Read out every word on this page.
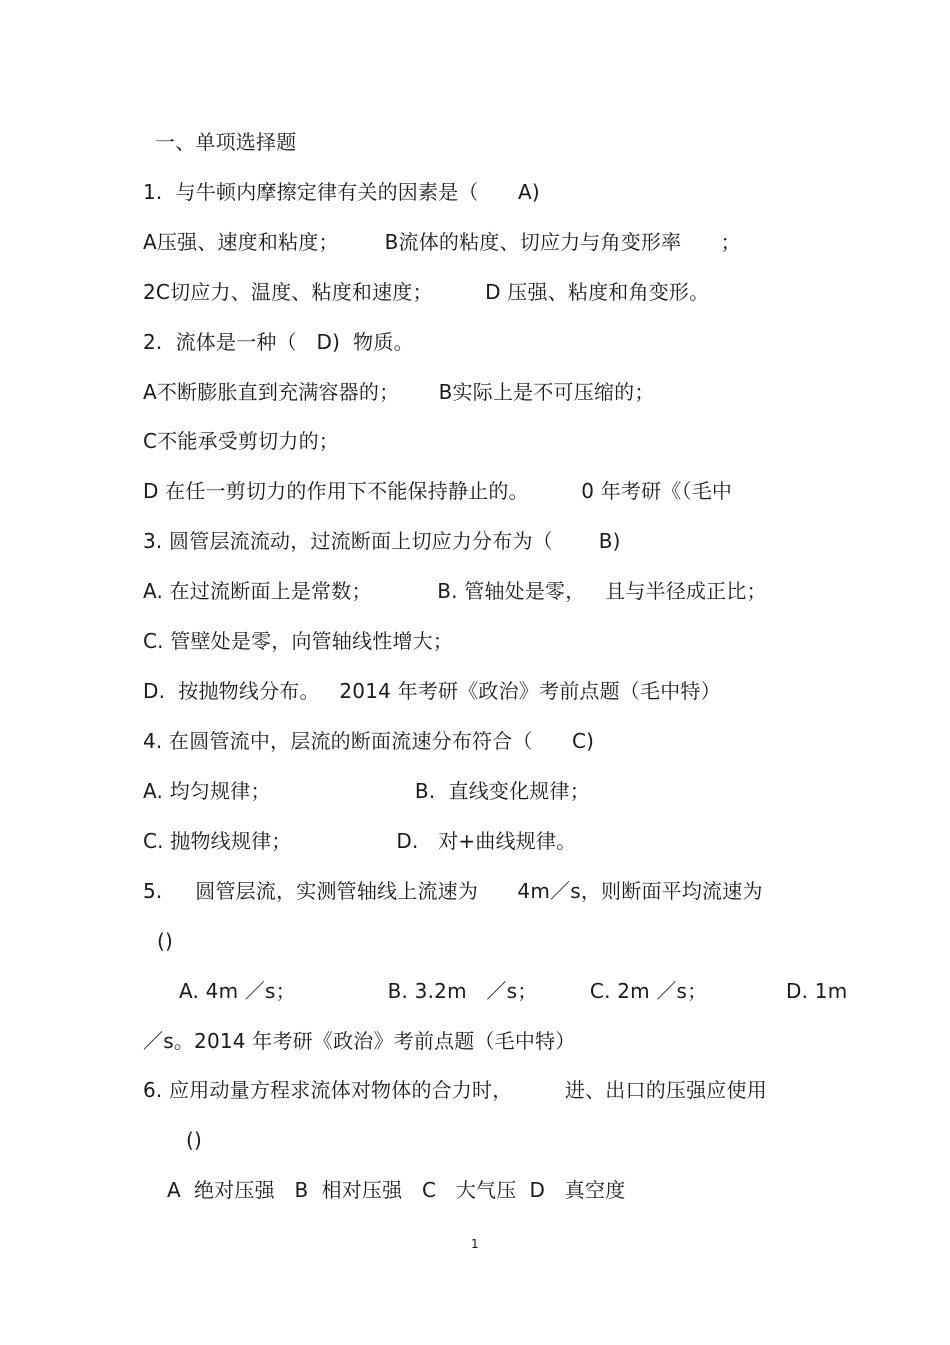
一、单项选择题
1.  与牛顿内摩擦定律有关的因素是（      A)
A压强、速度和粘度；       B流体的粘度、切应力与角变形率      ；
2C切应力、温度、粘度和速度；        D 压强、粘度和角变形。
2.  流体是一种（   D)  物质。
A不断膨胀直到充满容器的；      B实际上是不可压缩的；
C不能承受剪切力的；
D 在任一剪切力的作用下不能保持静止的。        0 年考研《（毛中
3. 圆管层流流动，过流断面上切应力分布为（       B)
A. 在过流断面上是常数；          B. 管轴处是零，   且与半径成正比；
C. 管壁处是零，向管轴线性增大；
D.  按抛物线分布。   2014 年考研《政治》考前点题（毛中特）
4. 在圆管流中，层流的断面流速分布符合（      C)
A. 均匀规律；                      B.  直线变化规律；
C. 抛物线规律；                D.   对+曲线规律。
5.     圆管层流，实测管轴线上流速为      4m／s，则断面平均流速为
()
A. 4m ／s；              B. 3.2m   ／s；        C. 2m ／s；            D. 1m
／s。2014 年考研《政治》考前点题（毛中特）
6. 应用动量方程求流体对物体的合力时，        进、出口的压强应使用
()
A  绝对压强   B  相对压强   C   大气压  D   真空度
1
